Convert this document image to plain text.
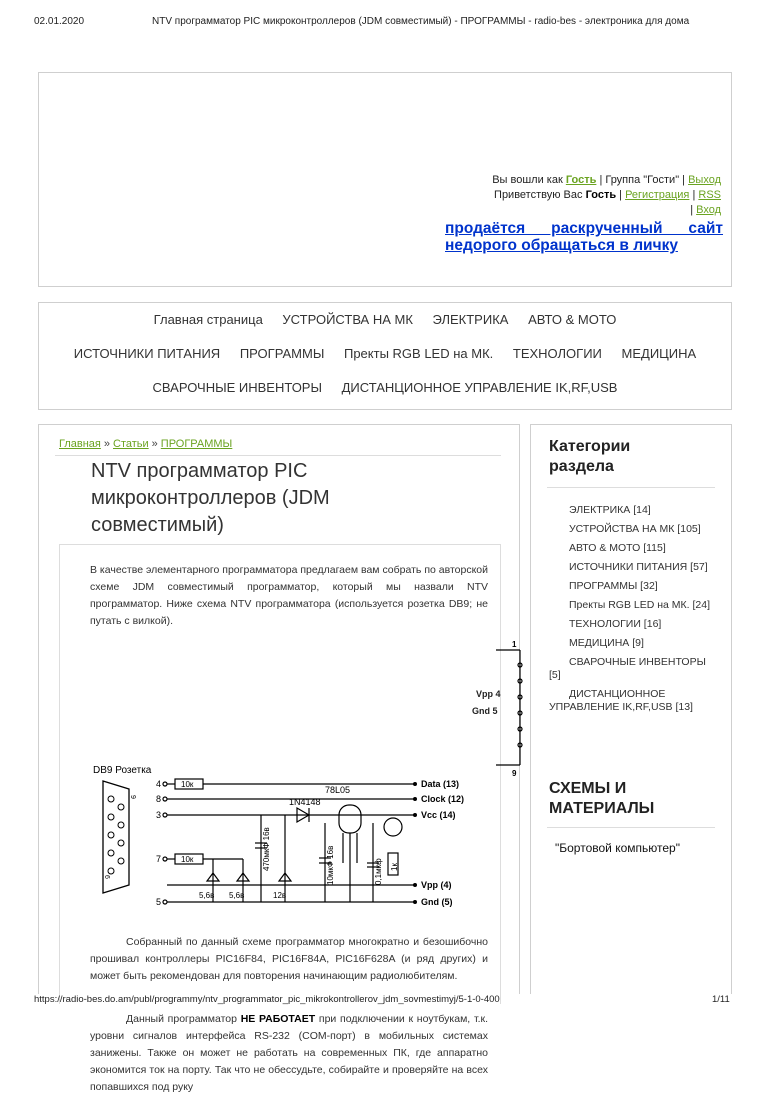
02.01.2020	NTV программатор PIC микроконтроллеров (JDM совместимый) - ПРОГРАММЫ - radio-bes - электроника для дома
Вы вошли как Гость | Группа "Гости" | Выход
Приветствую Вас Гость | Регистрация | RSS
| Вход
продаётся раскрученный сайт недорого обращаться в личку
Главная страница УСТРОЙСТВА НА МК ЭЛЕКТРИКА АВТО & МОТО
ИСТОЧНИКИ ПИТАНИЯ ПРОГРАММЫ Пректы RGB LED на МК. ТЕХНОЛОГИИ МЕДИЦИНА
СВАРОЧНЫЕ ИНВЕНТОРЫ ДИСТАНЦИОННОЕ УПРАВЛЕНИЕ IK,RF,USB
Главная » Статьи » ПРОГРАММЫ
NTV программатор PIC микроконтроллеров (JDM совместимый)
В качестве элементарного программатора предлагаем вам собрать по авторской схеме JDM совместимый программатор, который мы назвали NTV программатор. Ниже схема NTV программатора (используется розетка DB9; не путать с вилкой).
DB9 Розетка
9
6
4
8
3
7
5
10к
10к
78L05
1N4148
470мкФ 16в	10мкФ 16в	0,1мкф 1к
5,6в 5,6в	12в
Data (13)
Clock (12)
Vcc (14)
Vpp (4)
Gnd (5)
Собранный по данный схеме программатор многократно и безошибочно прошивал контроллеры PIC16F84, PIC16F84A, PIC16F628A (и ряд других) и может быть рекомендован для повторения начинающим радиолюбителям.
Данный программатор НЕ РАБОТАЕТ при подключении к ноутбукам, т.к. уровни сигналов интерфейса RS-232 (COM-порт) в мобильных системах занижены. Также он может не работать на современных ПК, где аппаратно экономится ток на порту. Так что не обессудьте, собирайте и проверяйте на всех попавшихся под руку
1
9
Vpp 4
Gnd 5
Категории раздела
ЭЛЕКТРИКА [14]
УСТРОЙСТВА НА МК [105]
АВТО & МОТО [115]
ИСТОЧНИКИ ПИТАНИЯ [57]
ПРОГРАММЫ [32]
Пректы RGB LED на МК. [24]
ТЕХНОЛОГИИ [16]
МЕДИЦИНА [9]
СВАРОЧНЫЕ ИНВЕНТОРЫ [5]
ДИСТАНЦИОННОЕ УПРАВЛЕНИЕ IK,RF,USB [13]
СХЕМЫ И МАТЕРИАЛЫ
"Бортовой компьютер"
https://radio-bes.do.am/publ/programmy/ntv_programmator_pic_mikrokontrollerov_jdm_sovmestimyj/5-1-0-400	1/11
